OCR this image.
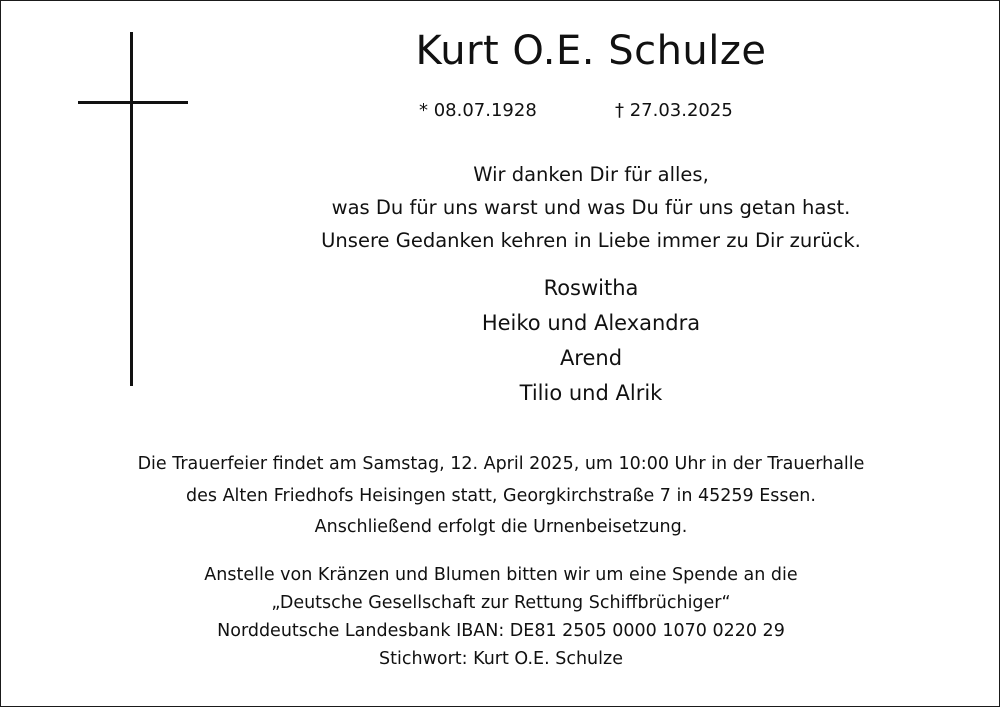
Kurt O.E. Schulze
* 08.07.1928	† 27.03.2025
Wir danken Dir für alles,
was Du für uns warst und was Du für uns getan hast.
Unsere Gedanken kehren in Liebe immer zu Dir zurück.
Roswitha
Heiko und Alexandra
Arend
Tilio und Alrik
Die Trauerfeier findet am Samstag, 12. April 2025, um 10:00 Uhr in der Trauerhalle
des Alten Friedhofs Heisingen statt, Georgkirchstraße 7 in 45259 Essen.
Anschließend erfolgt die Urnenbeisetzung.
Anstelle von Kränzen und Blumen bitten wir um eine Spende an die
„Deutsche Gesellschaft zur Rettung Schiffbrüchiger“
Norddeutsche Landesbank IBAN: DE81 2505 0000 1070 0220 29
Stichwort: Kurt O.E. Schulze
